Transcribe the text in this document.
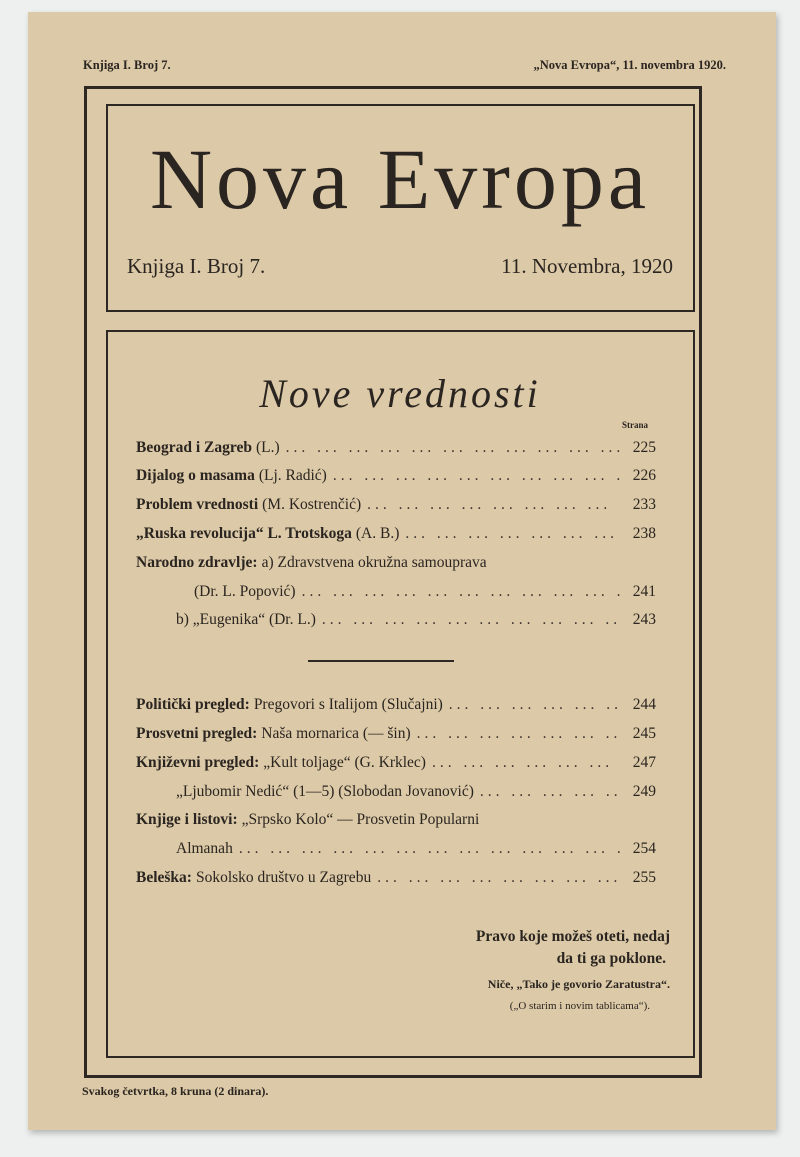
Knjiga I. Broj 7.	„Nova Evropa“, 11. novembra 1920.
Nova Evropa
Knjiga I. Broj 7.	11. Novembra, 1920
Nove vrednosti
Strana
Beograd i Zagreb (L.) ... .	225
Dijalog o masama (Lj. Radić) ... .	226
Problem vrednosti (M. Kostrenčić) ... .	233
„Ruska revolucija“ L. Trotskoga (A. B.) ... .	238
Narodno zdravlje: a) Zdravstvena okružna samouprava
(Dr. L. Popović) ... .	241
b) „Eugenika“ (Dr. L.) ... .	243
Politički pregled: Pregovori s Italijom (Slučajni) ... .	244
Prosvetni pregled: Naša mornarica (— šin) ... .	245
Književni pregled: „Kult toljage“ (G. Krklec) ... .	247
„Ljubomir Nedić“ (1—5) (Slobodan Jovanović) ... .	249
Knjige i listovi: „Srpsko Kolo“ — Prosvetin Popularni
Almanah ... .	254
Beleška: Sokolsko društvo u Zagrebu ... .	255
Pravo koje možeš oteti, nedaj
da ti ga poklone.
Niče, „Tako je govorio Zaratustra“.
(„O starim i novim tablicama“).
Svakog četvrtka, 8 kruna (2 dinara).
